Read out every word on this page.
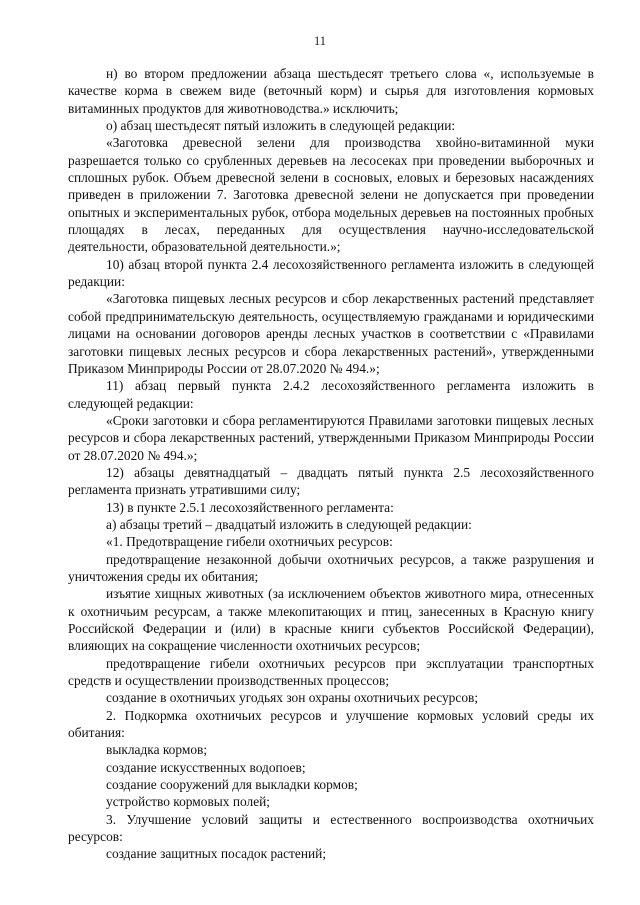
11

н) во втором предложении абзаца шестьдесят третьего слова «, используемые в качестве корма в свежем виде (веточный корм) и сырья для изготовления кормовых витаминных продуктов для животноводства.» исключить;

о) абзац шестьдесят пятый изложить в следующей редакции:

«Заготовка древесной зелени для производства хвойно-витаминной муки разрешается только со срубленных деревьев на лесосеках при проведении выборочных и сплошных рубок. Объем древесной зелени в сосновых, еловых и березовых насаждениях приведен в приложении 7. Заготовка древесной зелени не допускается при проведении опытных и экспериментальных рубок, отбора модельных деревьев на постоянных пробных площадях в лесах, переданных для осуществления научно-исследовательской деятельности, образовательной деятельности.»;

10) абзац второй пункта 2.4 лесохозяйственного регламента изложить в следующей редакции:

«Заготовка пищевых лесных ресурсов и сбор лекарственных растений представляет собой предпринимательскую деятельность, осуществляемую гражданами и юридическими лицами на основании договоров аренды лесных участков в соответствии с «Правилами заготовки пищевых лесных ресурсов и сбора лекарственных растений», утвержденными Приказом Минприроды России от 28.07.2020 № 494.»;

11) абзац первый пункта 2.4.2 лесохозяйственного регламента изложить в следующей редакции:

«Сроки заготовки и сбора регламентируются Правилами заготовки пищевых лесных ресурсов и сбора лекарственных растений, утвержденными Приказом Минприроды России от 28.07.2020 № 494.»;

12) абзацы девятнадцатый – двадцать пятый пункта 2.5 лесохозяйственного регламента признать утратившими силу;

13) в пункте 2.5.1 лесохозяйственного регламента:

а) абзацы третий – двадцатый изложить в следующей редакции:

«1. Предотвращение гибели охотничьих ресурсов:

предотвращение незаконной добычи охотничьих ресурсов, а также разрушения и уничтожения среды их обитания;

изъятие хищных животных (за исключением объектов животного мира, отнесенных к охотничьим ресурсам, а также млекопитающих и птиц, занесенных в Красную книгу Российской Федерации и (или) в красные книги субъектов Российской Федерации), влияющих на сокращение численности охотничьих ресурсов;

предотвращение гибели охотничьих ресурсов при эксплуатации транспортных средств и осуществлении производственных процессов;

создание в охотничьих угодьях зон охраны охотничьих ресурсов;

2. Подкормка охотничьих ресурсов и улучшение кормовых условий среды их обитания:

выкладка кормов;

создание искусственных водопоев;

создание сооружений для выкладки кормов;

устройство кормовых полей;

3. Улучшение условий защиты и естественного воспроизводства охотничьих ресурсов:

создание защитных посадок растений;
